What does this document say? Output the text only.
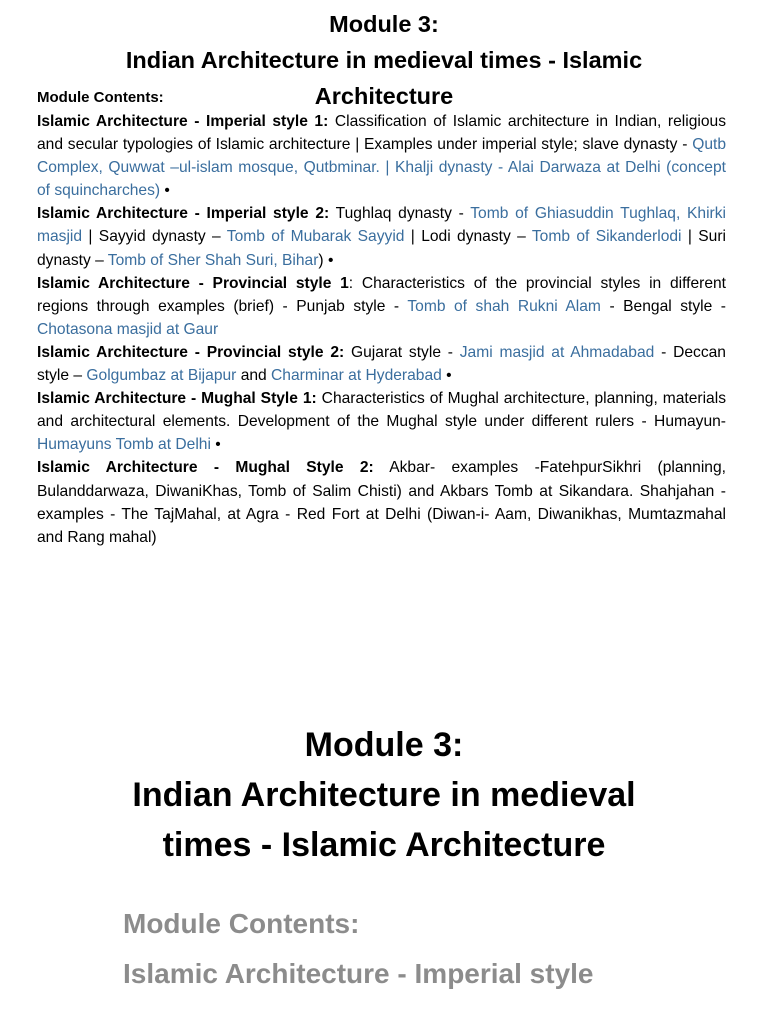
Module 3:
Indian Architecture in medieval times - Islamic
Architecture
Module Contents:

Islamic Architecture - Imperial style 1: Classification of Islamic architecture in Indian, religious and secular typologies of Islamic architecture | Examples under imperial style; slave dynasty - Qutb Complex, Quwwat –ul-islam mosque, Qutbminar. | Khalji dynasty - Alai Darwaza at Delhi (concept of squincharches) •

Islamic Architecture - Imperial style 2: Tughlaq dynasty - Tomb of Ghiasuddin Tughlaq, Khirki masjid | Sayyid dynasty – Tomb of Mubarak Sayyid | Lodi dynasty – Tomb of Sikanderlodi | Suri dynasty – Tomb of Sher Shah Suri, Bihar) •

Islamic Architecture - Provincial style 1: Characteristics of the provincial styles in different regions through examples (brief) - Punjab style - Tomb of shah Rukni Alam - Bengal style - Chotasona masjid at Gaur

Islamic Architecture - Provincial style 2: Gujarat style - Jami masjid at Ahmadabad - Deccan style – Golgumbaz at Bijapur and Charminar at Hyderabad •

Islamic Architecture - Mughal Style 1: Characteristics of Mughal architecture, planning, materials and architectural elements. Development of the Mughal style under different rulers - Humayun- Humayuns Tomb at Delhi •

Islamic Architecture - Mughal Style 2: Akbar- examples -FatehpurSikhri (planning, Bulanddarwaza, DiwaniKhas, Tomb of Salim Chisti) and Akbars Tomb at Sikandara. Shahjahan - examples - The TajMahal, at Agra - Red Fort at Delhi (Diwan-i- Aam, Diwanikhas, Mumtazmahal and Rang mahal)

Module 3:
Indian Architecture in medieval
times - Islamic Architecture
Module Contents:
Islamic Architecture - Imperial style
